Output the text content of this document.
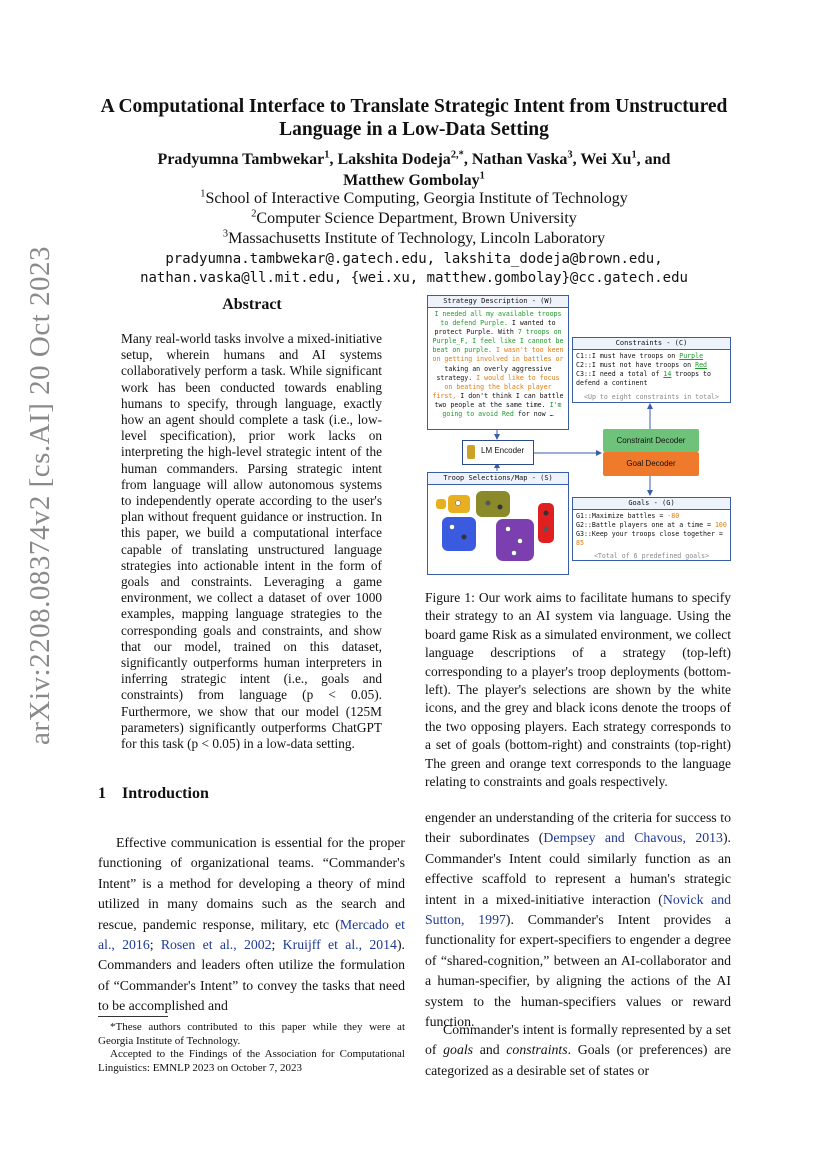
arXiv:2208.08374v2 [cs.AI] 20 Oct 2023
A Computational Interface to Translate Strategic Intent from Unstructured Language in a Low-Data Setting
Pradyumna Tambwekar$^1$, Lakshita Dodeja$^{2,*}$, Nathan Vaska$^3$, Wei Xu$^1$, and
Matthew Gombolay$^1$
$^1$School of Interactive Computing, Georgia Institute of Technology
$^2$Computer Science Department, Brown University
$^3$Massachusetts Institute of Technology, Lincoln Laboratory
pradyumna.tambwekar@.gatech.edu, lakshita_dodeja@brown.edu,
nathan.vaska@ll.mit.edu, {wei.xu, matthew.gombolay}@cc.gatech.edu
Abstract
Many real-world tasks involve a mixed-initiative setup, wherein humans and AI systems collaboratively perform a task. While significant work has been conducted towards enabling humans to specify, through language, exactly how an agent should complete a task (i.e., low-level specification), prior work lacks on interpreting the high-level strategic intent of the human commanders. Parsing strategic intent from language will allow autonomous systems to independently operate according to the user's plan without frequent guidance or instruction. In this paper, we build a computational interface capable of translating unstructured language strategies into actionable intent in the form of goals and constraints. Leveraging a game environment, we collect a dataset of over 1000 examples, mapping language strategies to the corresponding goals and constraints, and show that our model, trained on this dataset, significantly outperforms human interpreters in inferring strategic intent (i.e., goals and constraints) from language (p < 0.05). Furthermore, we show that our model (125M parameters) significantly outperforms ChatGPT for this task (p < 0.05) in a low-data setting.
1 Introduction
Effective communication is essential for the proper functioning of organizational teams. “Commander's Intent” is a method for developing a theory of mind utilized in many domains such as the search and rescue, pandemic response, military, etc (Mercado et al., 2016; Rosen et al., 2002; Kruijff et al., 2014). Commanders and leaders often utilize the formulation of “Commander's Intent” to convey the tasks that need to be accomplished and
*These authors contributed to this paper while they were at Georgia Institute of Technology.
Accepted to the Findings of the Association for Computational Linguistics: EMNLP 2023 on October 7, 2023
Strategy Description - (W)
I needed all my available troops to defend Purple. I wanted to protect Purple. With 7 troops on Purple_F, I feel like I cannot be beat on purple. I wasn't too keen on getting involved in battles or taking an overly aggressive strategy. I would like to focus on beating the black player first, I don't think I can battle two people at the same time. I'm going to avoid Red for now …
Constraints - (C)
C1::I must have troops on Purple
C2::I must not have troops on Red
C3::I need a total of 14 troops to defend a continent
<Up to eight constraints in total>
LM Encoder
Constraint Decoder
Goal Decoder
Troop Selections/Map - (S)
Goals - (G)
G1::Maximize battles = -80
G2::Battle players one at a time = 100
G3::Keep your troops close together = 85
<Total of 6 predefined goals>
Figure 1: Our work aims to facilitate humans to specify their strategy to an AI system via language. Using the board game Risk as a simulated environment, we collect language descriptions of a strategy (top-left) corresponding to a player's troop deployments (bottom-left). The player's selections are shown by the white icons, and the grey and black icons denote the troops of the two opposing players. Each strategy corresponds to a set of goals (bottom-right) and constraints (top-right) The green and orange text corresponds to the language relating to constraints and goals respectively.
engender an understanding of the criteria for success to their subordinates (Dempsey and Chavous, 2013). Commander's Intent could similarly function as an effective scaffold to represent a human's strategic intent in a mixed-initiative interaction (Novick and Sutton, 1997). Commander's Intent provides a functionality for expert-specifiers to engender a degree of “shared-cognition,” between an AI-collaborator and a human-specifier, by aligning the actions of the AI system to the human-specifiers values or reward function.
Commander's intent is formally represented by a set of goals and constraints. Goals (or preferences) are categorized as a desirable set of states or
